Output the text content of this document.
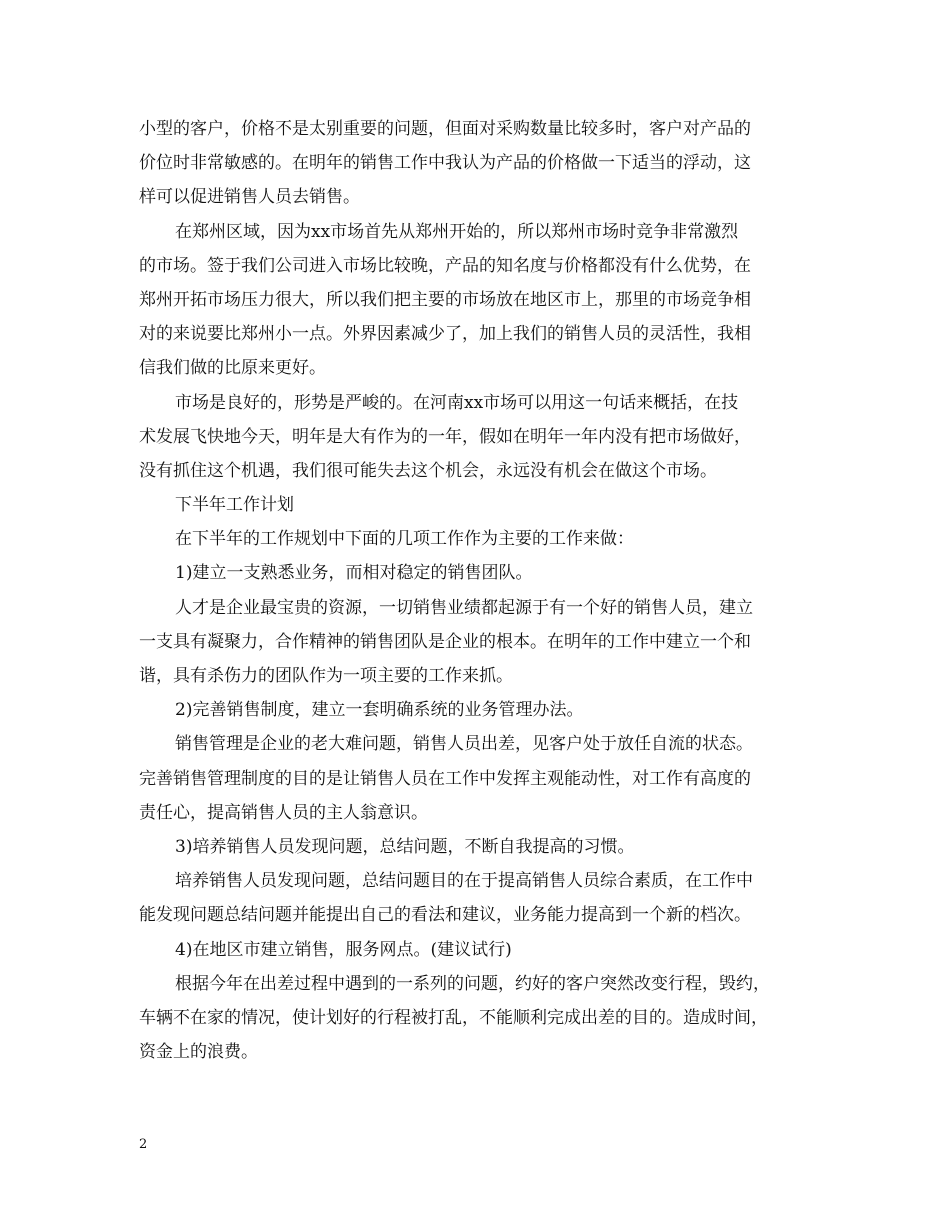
小型的客户，价格不是太别重要的问题，但面对采购数量比较多时，客户对产品的
价位时非常敏感的。在明年的销售工作中我认为产品的价格做一下适当的浮动，这
样可以促进销售人员去销售。
在郑州区域，因为xx市场首先从郑州开始的，所以郑州市场时竞争非常激烈
的市场。签于我们公司进入市场比较晚，产品的知名度与价格都没有什么优势，在
郑州开拓市场压力很大，所以我们把主要的市场放在地区市上，那里的市场竞争相
对的来说要比郑州小一点。外界因素减少了，加上我们的销售人员的灵活性，我相
信我们做的比原来更好。
市场是良好的，形势是严峻的。在河南xx市场可以用这一句话来概括，在技
术发展飞快地今天，明年是大有作为的一年，假如在明年一年内没有把市场做好，
没有抓住这个机遇，我们很可能失去这个机会，永远没有机会在做这个市场。
下半年工作计划
在下半年的工作规划中下面的几项工作作为主要的工作来做：
1)建立一支熟悉业务，而相对稳定的销售团队。
人才是企业最宝贵的资源，一切销售业绩都起源于有一个好的销售人员，建立
一支具有凝聚力，合作精神的销售团队是企业的根本。在明年的工作中建立一个和
谐，具有杀伤力的团队作为一项主要的工作来抓。
2)完善销售制度，建立一套明确系统的业务管理办法。
销售管理是企业的老大难问题，销售人员出差，见客户处于放任自流的状态。
完善销售管理制度的目的是让销售人员在工作中发挥主观能动性，对工作有高度的
责任心，提高销售人员的主人翁意识。
3)培养销售人员发现问题，总结问题，不断自我提高的习惯。
培养销售人员发现问题，总结问题目的在于提高销售人员综合素质，在工作中
能发现问题总结问题并能提出自己的看法和建议，业务能力提高到一个新的档次。
4)在地区市建立销售，服务网点。(建议试行)
根据今年在出差过程中遇到的一系列的问题，约好的客户突然改变行程，毁约，
车辆不在家的情况，使计划好的行程被打乱，不能顺利完成出差的目的。造成时间，
资金上的浪费。
2
